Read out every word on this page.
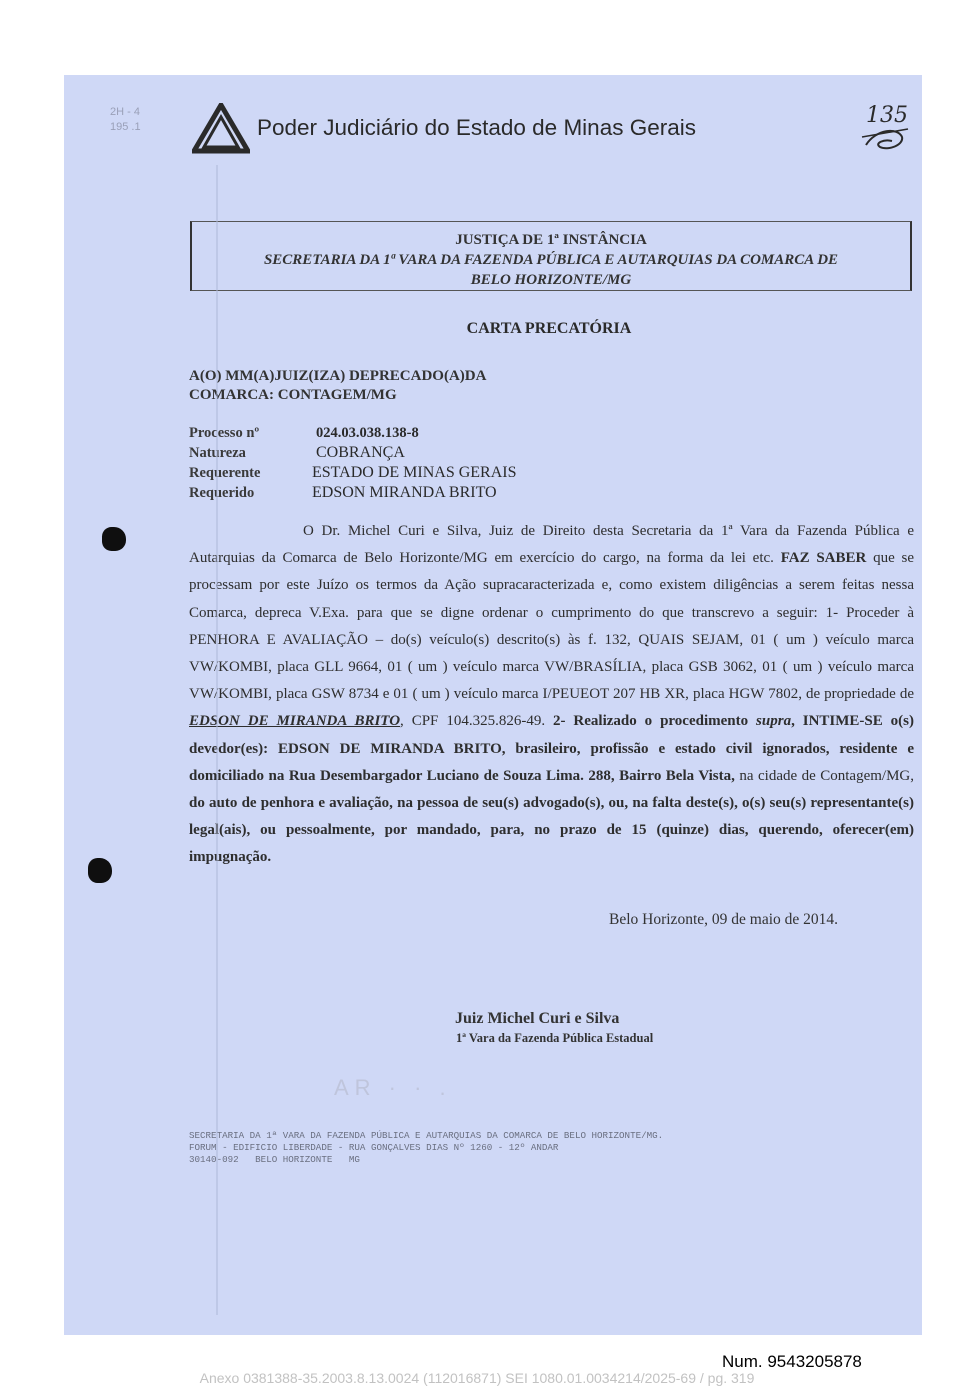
Poder Judiciário do Estado de Minas Gerais
2H - 4
195 .1	135
JUSTIÇA DE 1ª INSTÂNCIA
SECRETARIA DA 1ª VARA DA FAZENDA PÚBLICA E AUTARQUIAS DA COMARCA DE
BELO HORIZONTE/MG
CARTA PRECATÓRIA
A(O) MM(A)JUIZ(IZA) DEPRECADO(A)DA
COMARCA: CONTAGEM/MG
Processo nº	024.03.038.138-8
Natureza	COBRANÇA
Requerente	ESTADO DE MINAS GERAIS
Requerido	EDSON MIRANDA BRITO
O Dr. Michel Curi e Silva, Juiz de Direito desta Secretaria da 1ª Vara da Fazenda Pública e Autarquias da Comarca de Belo Horizonte/MG em exercício do cargo, na forma da lei etc. FAZ SABER que se processam por este Juízo os termos da Ação supracaracterizada e, como existem diligências a serem feitas nessa Comarca, depreca V.Exa. para que se digne ordenar o cumprimento do que transcrevo a seguir: 1- Proceder à PENHORA E AVALIAÇÃO – do(s) veículo(s) descrito(s) às f. 132, QUAIS SEJAM, 01 ( um ) veículo marca VW/KOMBI, placa GLL 9664, 01 ( um ) veículo marca VW/BRASÍLIA, placa GSB 3062, 01 ( um ) veículo marca VW/KOMBI, placa GSW 8734 e 01 ( um ) veículo marca I/PEUEOT 207 HB XR, placa HGW 7802, de propriedade de EDSON DE MIRANDA BRITO, CPF 104.325.826-49. 2- Realizado o procedimento supra, INTIME-SE o(s) devedor(es): EDSON DE MIRANDA BRITO, brasileiro, profissão e estado civil ignorados, residente e domiciliado na Rua Desembargador Luciano de Souza Lima. 288, Bairro Bela Vista, na cidade de Contagem/MG, do auto de penhora e avaliação, na pessoa de seu(s) advogado(s), ou, na falta deste(s), o(s) seu(s) representante(s) legal(ais), ou pessoalmente, por mandado, para, no prazo de 15 (quinze) dias, querendo, oferecer(em) impugnação.
Belo Horizonte, 09 de maio de 2014.
Juiz Michel Curi e Silva
1ª Vara da Fazenda Pública Estadual
AR · · .
SECRETARIA DA 1ª VARA DA FAZENDA PÚBLICA E AUTARQUIAS DA COMARCA DE BELO HORIZONTE/MG.
FORUM - EDIFICIO LIBERDADE - RUA GONÇALVES DIAS Nº 1260 - 12º ANDAR
30140-092   BELO HORIZONTE   MG
Num. 9543205878
Anexo 0381388-35.2003.8.13.0024 (112016871) SEI 1080.01.0034214/2025-69 / pg. 319
